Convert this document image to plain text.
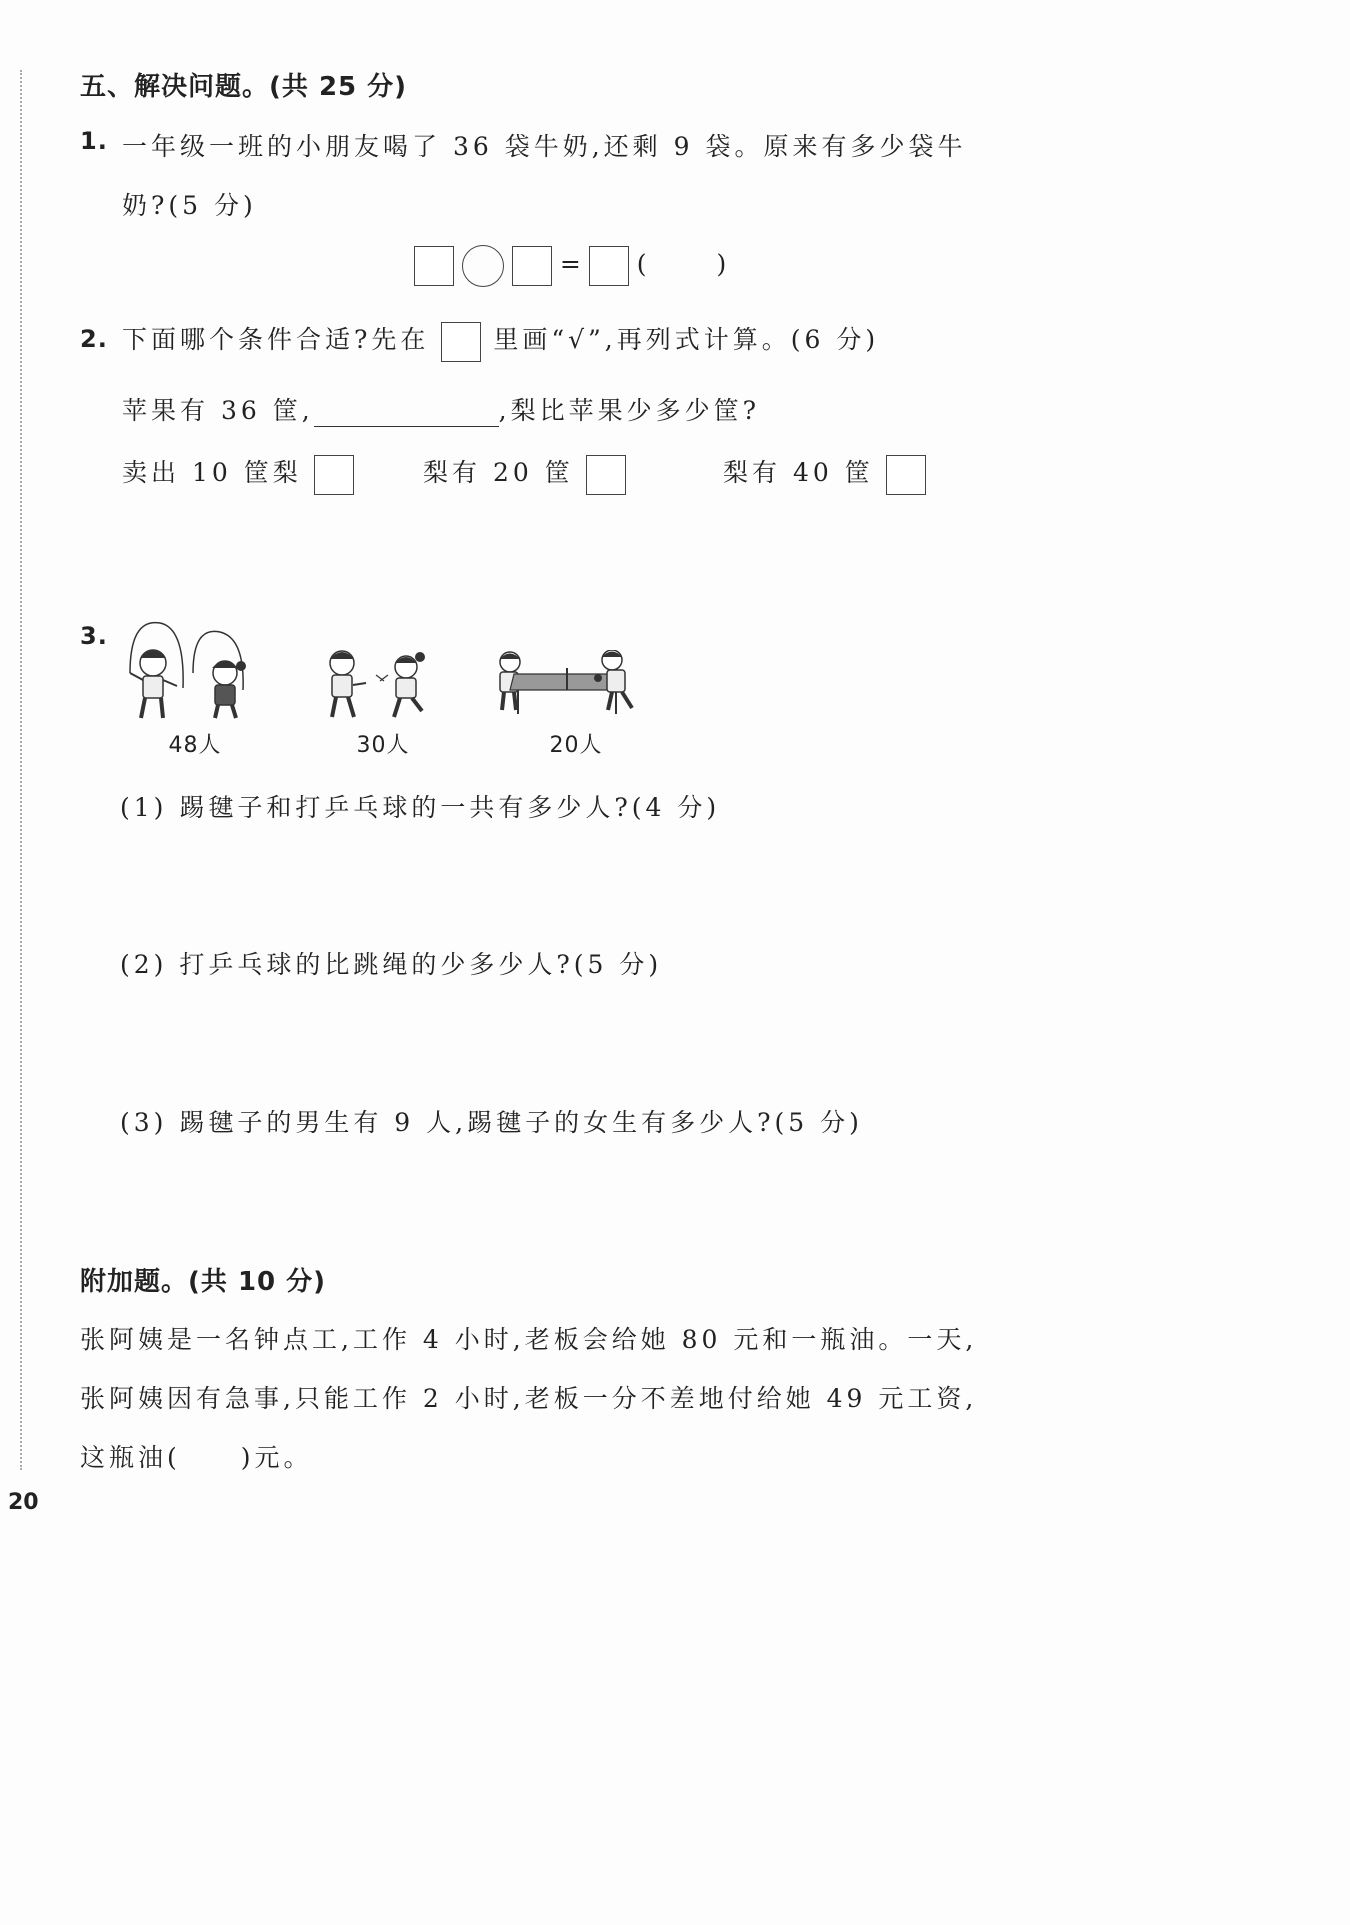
五、解决问题。(共 25 分)
1. 一年级一班的小朋友喝了 36 袋牛奶,还剩 9 袋。原来有多少袋牛
奶?(5 分)
= (	)
2. 下面哪个条件合适?先在	里画“√”,再列式计算。(6 分)
苹果有 36 筐,	,梨比苹果少多少筐?
卖出 10 筐梨	梨有 20 筐	梨有 40 筐
3.
48人	30人	20人
(1) 踢毽子和打乒乓球的一共有多少人?(4 分)
(2) 打乒乓球的比跳绳的少多少人?(5 分)
(3) 踢毽子的男生有 9 人,踢毽子的女生有多少人?(5 分)
附加题。(共 10 分)
张阿姨是一名钟点工,工作 4 小时,老板会给她 80 元和一瓶油。一天,
张阿姨因有急事,只能工作 2 小时,老板一分不差地付给她 49 元工资,
这瓶油( )元。
20
